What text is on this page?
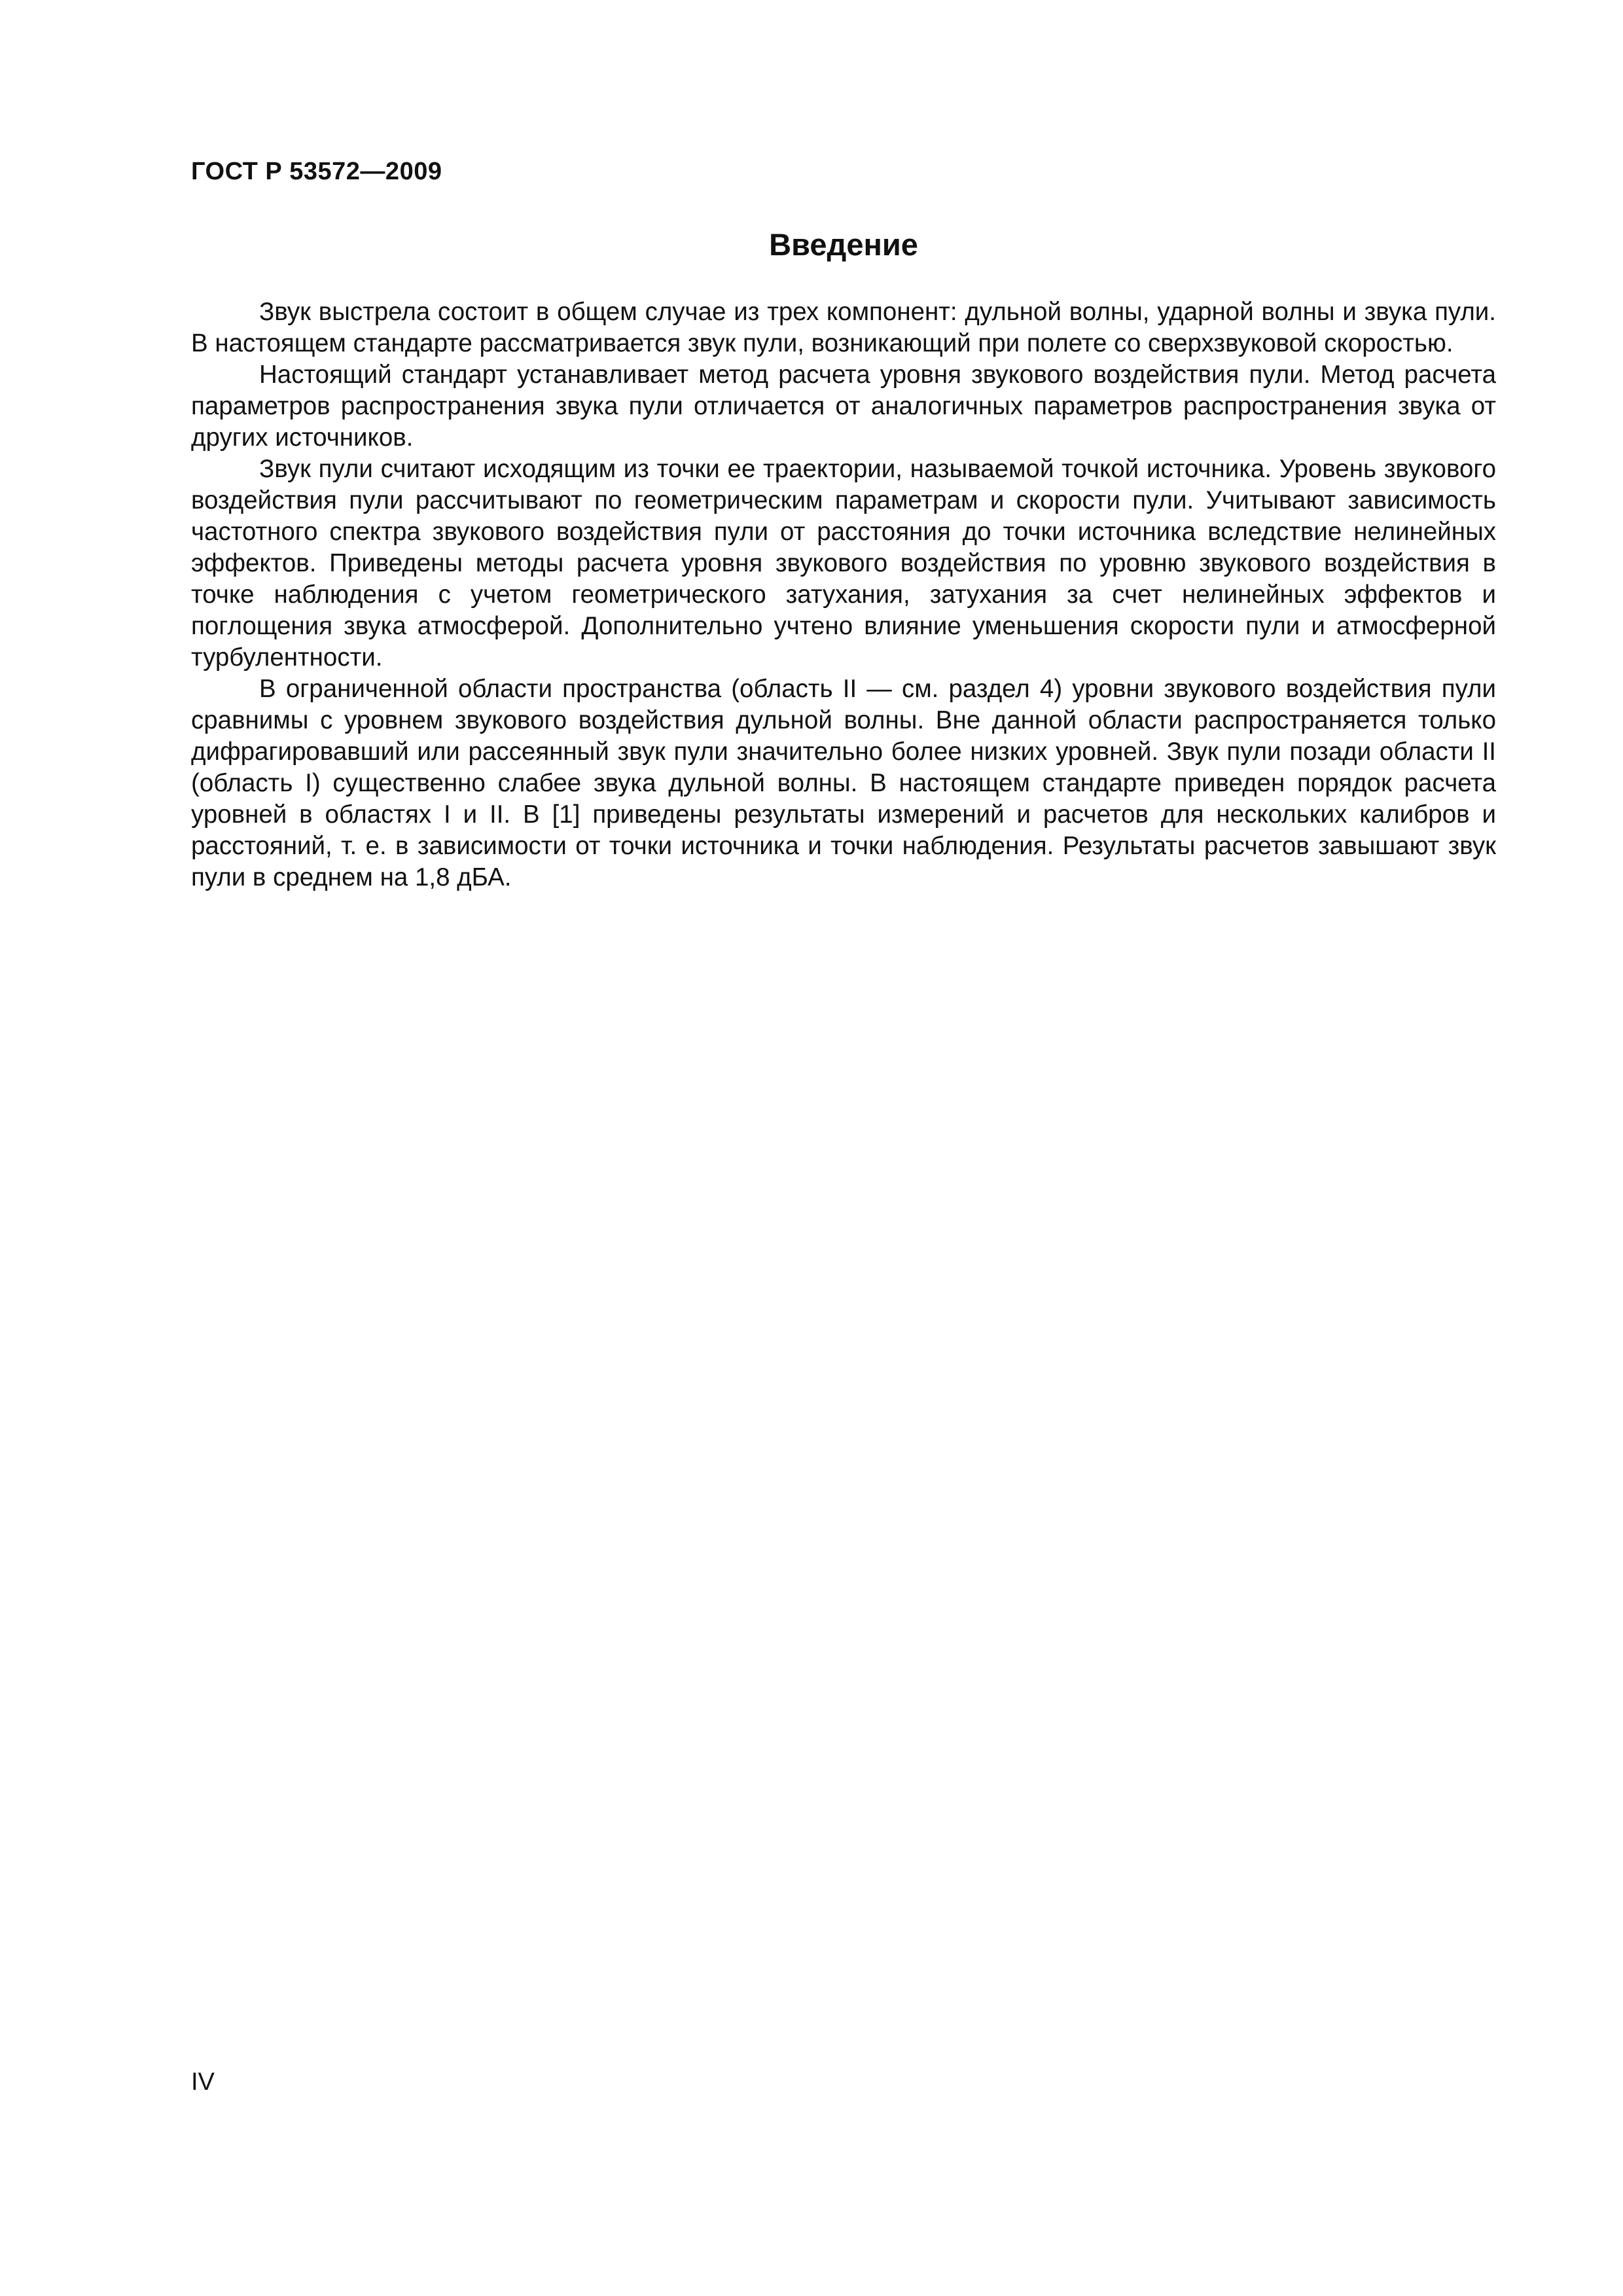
ГОСТ Р 53572—2009
Введение

Звук выстрела состоит в общем случае из трех компонент: дульной волны, ударной волны и звука пули. В настоящем стандарте рассматривается звук пули, возникающий при полете со сверхзвуковой скоростью.

Настоящий стандарт устанавливает метод расчета уровня звукового воздействия пули. Метод расчета параметров распространения звука пули отличается от аналогичных параметров распространения звука от других источников.

Звук пули считают исходящим из точки ее траектории, называемой точкой источника. Уровень звукового воздействия пули рассчитывают по геометрическим параметрам и скорости пули. Учитывают зависимость частотного спектра звукового воздействия пули от расстояния до точки источника вследствие нелинейных эффектов. Приведены методы расчета уровня звукового воздействия по уровню звукового воздействия в точке наблюдения с учетом геометрического затухания, затухания за счет нелинейных эффектов и поглощения звука атмосферой. Дополнительно учтено влияние уменьшения скорости пули и атмосферной турбулентности.

В ограниченной области пространства (область II — см. раздел 4) уровни звукового воздействия пули сравнимы с уровнем звукового воздействия дульной волны. Вне данной области распространяется только дифрагировавший или рассеянный звук пули значительно более низких уровней. Звук пули позади области II (область I) существенно слабее звука дульной волны. В настоящем стандарте приведен порядок расчета уровней в областях I и II. В [1] приведены результаты измерений и расчетов для нескольких калибров и расстояний, т. е. в зависимости от точки источника и точки наблюдения. Результаты расчетов завышают звук пули в среднем на 1,8 дБА.

IV
